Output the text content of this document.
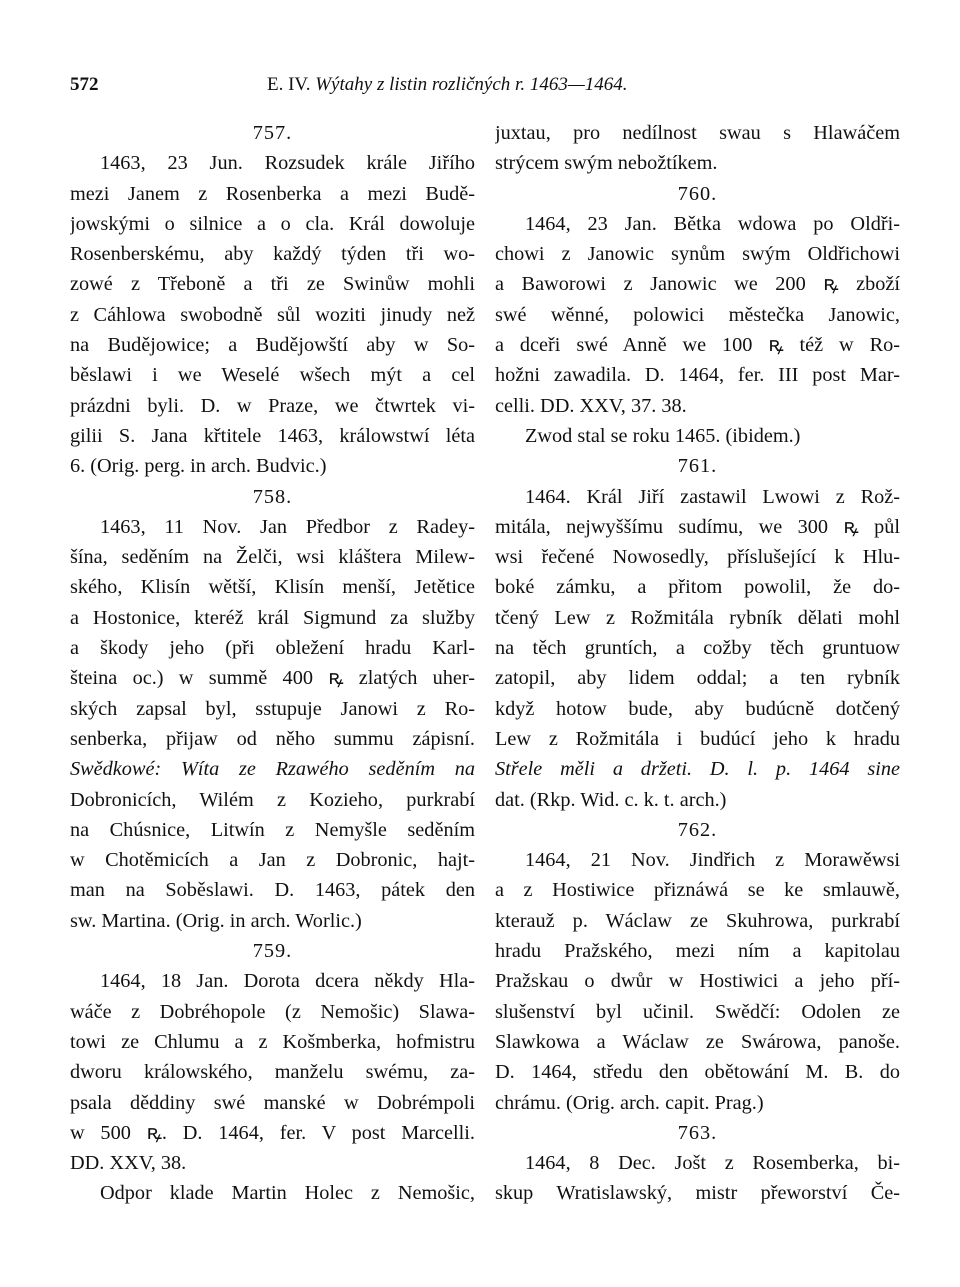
572	E. IV. Wýtahy z listin rozličných r. 1463—1464.
757.
1463, 23 Jun. Rozsudek krále Jiřího
mezi Janem z Rosenberka a mezi Budě-
jowskými o silnice a o cla. Král dowoluje
Rosenberskému, aby každý týden tři wo-
zowé z Třeboně a tři ze Swinůw mohli
z Cáhlowa swobodně sůl woziti jinudy než
na Budějowice; a Budějowští aby w So-
běslawi i we Weselé wšech mýt a cel
prázdni byli. D. w Praze, we čtwrtek vi-
gilii S. Jana křtitele 1463, králowstwí léta
6. (Orig. perg. in arch. Budvic.)
758.
1463, 11 Nov. Jan Předbor z Radey-
šína, seděním na Želči, wsi kláštera Milew-
ského, Klisín wětší, Klisín menší, Jetětice
a Hostonice, kteréž král Sigmund za služby
a škody jeho (při obležení hradu Karl-
šteina oc.) w summě 400 ꝶ zlatých uher-
ských zapsal byl, sstupuje Janowi z Ro-
senberka, přijaw od něho summu zápisní.
Swědkowé: Wíta ze Rzawého seděním na
Dobronicích, Wilém z Kozieho, purkrabí
na Chúsnice, Litwín z Nemyšle seděním
w Chotěmicích a Jan z Dobronic, hajt-
man na Soběslawi. D. 1463, pátek den
sw. Martina. (Orig. in arch. Worlic.)
759.
1464, 18 Jan. Dorota dcera někdy Hla-
wáče z Dobréhopole (z Nemošic) Slawa-
towi ze Chlumu a z Košmberka, hofmistru
dworu králowského, manželu swému, za-
psala děddiny swé manské w Dobrémpoli
w 500 ꝶ. D. 1464, fer. V post Marcelli.
DD. XXV, 38.
Odpor klade Martin Holec z Nemošic,
juxtau, pro nedílnost swau s Hlawáčem
strýcem swým nebožtíkem.
760.
1464, 23 Jan. Bětka wdowa po Oldři-
chowi z Janowic synům swým Oldřichowi
a Baworowi z Janowic we 200 ꝶ zboží
swé wěnné, polowici městečka Janowic,
a dceři swé Anně we 100 ꝶ též w Ro-
hožni zawadila. D. 1464, fer. III post Mar-
celli. DD. XXV, 37. 38.
Zwod stal se roku 1465. (ibidem.)
761.
1464. Král Jiří zastawil Lwowi z Rož-
mitála, nejwyššímu sudímu, we 300 ꝶ půl
wsi řečené Nowosedly, příslušející k Hlu-
boké zámku, a přitom powolil, že do-
tčený Lew z Rožmitála rybník dělati mohl
na těch gruntích, a cožby těch gruntuow
zatopil, aby lidem oddal; a ten rybník
když hotow bude, aby budúcně dotčený
Lew z Rožmitála i budúcí jeho k hradu
Střele měli a držeti. D. l. p. 1464 sine
dat. (Rkp. Wid. c. k. t. arch.)
762.
1464, 21 Nov. Jindřich z Morawěwsi
a z Hostiwice přiznáwá se ke smlauwě,
kterauž p. Wáclaw ze Skuhrowa, purkrabí
hradu Pražského, mezi ním a kapitolau
Pražskau o dwůr w Hostiwici a jeho pří-
slušenství byl učinil. Swědčí: Odolen ze
Slawkowa a Wáclaw ze Swárowa, panoše.
D. 1464, středu den obětowání M. B. do
chrámu. (Orig. arch. capit. Prag.)
763.
1464, 8 Dec. Jošt z Rosemberka, bi-
skup Wratislawský, mistr přeworství Če-
